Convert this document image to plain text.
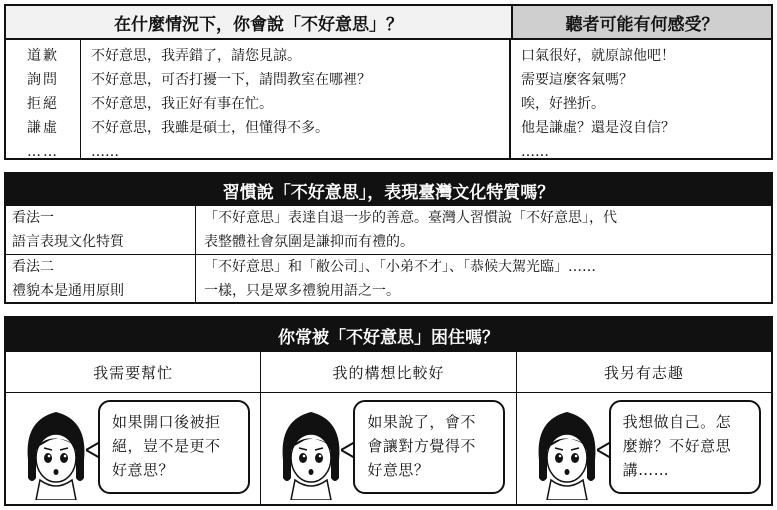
在什麼情況下，你會說「不好意思」？	聽者可能有何感受？
道歉
詢問
拒絕
謙虛
……
不好意思，我弄錯了，請您見諒。
不好意思，可否打擾一下，請問教室在哪裡？
不好意思，我正好有事在忙。
不好意思，我雖是碩士，但懂得不多。
……
口氣很好，就原諒他吧！
需要這麼客氣嗎？
唉，好挫折。
他是謙虛？還是沒自信？
……
習慣說「不好意思」，表現臺灣文化特質嗎？
看法一
語言表現文化特質
「不好意思」表達自退一步的善意。臺灣人習慣說「不好意思」，代
表整體社會氛圍是謙抑而有禮的。
看法二
禮貌本是通用原則
「不好意思」和「敝公司」、「小弟不才」、「恭候大駕光臨」……
一樣，只是眾多禮貌用語之一。
你常被「不好意思」困住嗎？
我需要幫忙
如果開口後被拒
絕，豈不是更不
好意思？
我的構想比較好
如果說了，會不
會讓對方覺得不
好意思？
我另有志趣
我想做自己。怎
麼辦？不好意思
講……
